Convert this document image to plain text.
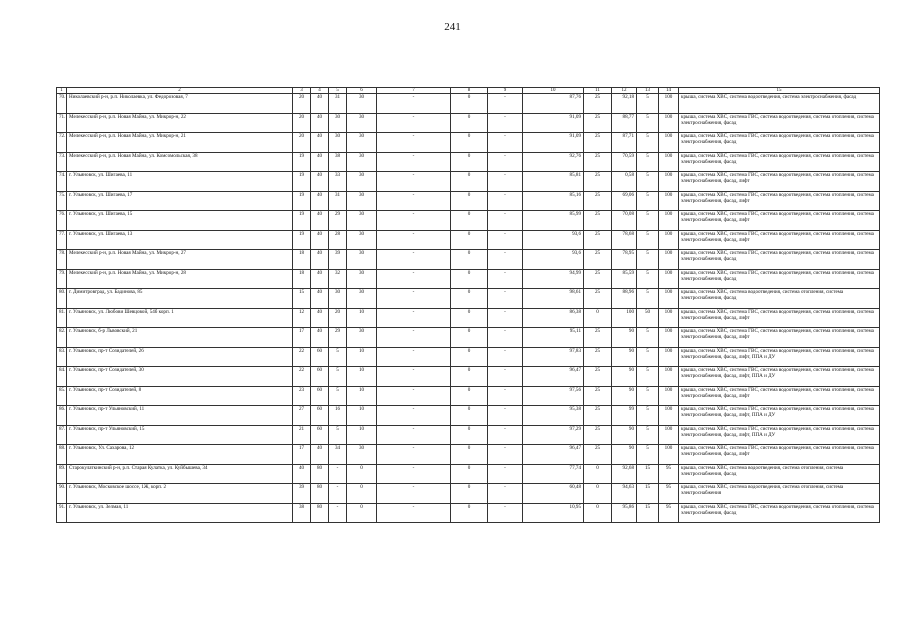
241
1	2	3	4	5	6	7	8	9	10	11	12	13	14	15
70.	Николаевский р-н, р.п. Николаевка, ул. Федорозовая, 7	20	40	31	30	-	0	-	87,76	25	92,18	5	100	крыша, система ХВС, система водоотведения, система электроснабжения, фасад
71.	Мелекесский р-н, р.п. Новая Майна, ул. Микрор-н, 22	20	40	30	30	-	0	-	91,09	25	88,77	5	100	крыша, система ХВС, система ГВС, система водоотведения, система отопления, система электроснабжения, фасад
72.	Мелекесский р-н, р.п. Новая Майна, ул. Микрор-н, 21	20	40	30	30	-	0	-	91,09	25	87,71	5	100	крыша, система ХВС, система ГВС, система водоотведения, система отопления, система электроснабжения, фасад
73.	Мелекесский р-н, р.п. Новая Майна, ул. Комсомольская, 38	19	40	38	30	-	0	-	92,76	25	70,59	5	100	крыша, система ХВС, система ГВС, система водоотведения, система отопления, система электроснабжения, фасад
74.	г. Ульяновск, ул. Шигаева, 11	19	40	33	30	-	0	-	85,81	25	0,58	5	100	крыша, система ХВС, система ГВС, система водоотведения, система отопления, система электроснабжения, фасад, лифт
75.	г. Ульяновск, ул. Шигаева, 17	19	40	31	30	-	0	-	85,16	25	69,06	5	100	крыша, система ХВС, система ГВС, система водоотведения, система отопления, система электроснабжения, фасад, лифт
76.	г. Ульяновск, ул. Шигаева, 15	19	40	29	30	-	0	-	85,99	25	70,08	5	100	крыша, система ХВС, система ГВС, система водоотведения, система отопления, система электроснабжения, фасад, лифт
77.	г. Ульяновск, ул. Шигаева, 13	19	40	28	30	-	0	-	93,6	25	78,68	5	100	крыша, система ХВС, система ГВС, система водоотведения, система отопления, система электроснабжения, фасад, лифт
78.	Мелекесский р-н, р.п. Новая Майна, ул. Микрор-н, 27	18	40	39	30	-	0	-	93,6	25	78,95	5	100	крыша, система ХВС, система ГВС, система водоотведения, система отопления, система электроснабжения, фасад
79.	Мелекесский р-н, р.п. Новая Майна, ул. Микрор-н, 28	18	40	32	30	-	0	-	94,99	25	85,59	5	100	крыша, система ХВС, система ГВС, система водоотведения, система отопления, система электроснабжения, фасад
80.	г. Димитровград, ул. Бадинова, 85	15	40	30	30	-	0	-	98,61	25	88,96	5	100	крыша, система ХВС, система водоотведения, система отопления, система электроснабжения, фасад
81.	г. Ульяновск, ул. Любови Шевцовой, 54б корп. 1	12	40	20	10	-	0	-	86,38	0	100	50	100	крыша, система ХВС, система ГВС, система водоотведения, система отопления, система электроснабжения, фасад, лифт
82.	г. Ульяновск, б-р Львовский, 21	17	40	29	30	-	0	-	95,11	25	90	5	100	крыша, система ХВС, система ГВС, система водоотведения, система отопления, система электроснабжения, фасад, лифт
83.	г. Ульяновск, пр-т Созидателей, 26	22	60	5	10	-	0	-	97,83	25	90	5	100	крыша, система ХВС, система ГВС, система водоотведения, система отопления, система электроснабжения, фасад, лифт, ППА и ДУ
84.	г. Ульяновск, пр-т Созидателей, 30	22	60	5	10	-	0	-	96,47	25	90	5	100	крыша, система ХВС, система ГВС, система водоотведения, система отопления, система электроснабжения, фасад, лифт, ППА и ДУ
85.	г. Ульяновск, пр-т Созидателей, 8	23	60	5	10	-	0	-	97,56	25	90	5	100	крыша, система ХВС, система ГВС, система водоотведения, система отопления, система электроснабжения, фасад, лифт
86.	г. Ульяновск, пр-т Ульяновский, 11	27	60	16	10	-	0	-	95,38	25	99	5	100	крыша, система ХВС, система ГВС, система водоотведения, система отопления, система электроснабжения, фасад, лифт, ППА и ДУ
87.	г. Ульяновск, пр-т Ульяновский, 15	21	60	5	10	-	0	-	97,29	25	90	5	100	крыша, система ХВС, система ГВС, система водоотведения, система отопления, система электроснабжения, фасад, лифт, ППА и ДУ
88.	г. Ульяновск, Ул. Сахарова, 12	17	40	34	30	-	0	-	96,47	25	90	5	100	крыша, система ХВС, система ГВС, система водоотведения, система отопления, система электроснабжения, фасад, лифт
89.	Старокулаткинский р-н, р.п. Старая Кулатка, ул. Куйбышева, 34	40	80	-	0	-	0	-	77,74	0	92,68	15	95	крыша, система ХВС, система водоотведения, система отопления, система электроснабжения, фасад
90.	г. Ульяновск, Московское шоссе, 1Ж, корп. 2	39	80	-	0	-	0	-	60,48	0	94,63	15	95	крыша, система ХВС, система водоотведения, система отопления, система электроснабжения
91.	г. Ульяновск, ул. Зелмая, 11	38	80	-	0	-	0	-	10,95	0	95,86	15	95	крыша, система ХВС, система ГВС, система водоотведения, система отопления, система электроснабжения, фасад
